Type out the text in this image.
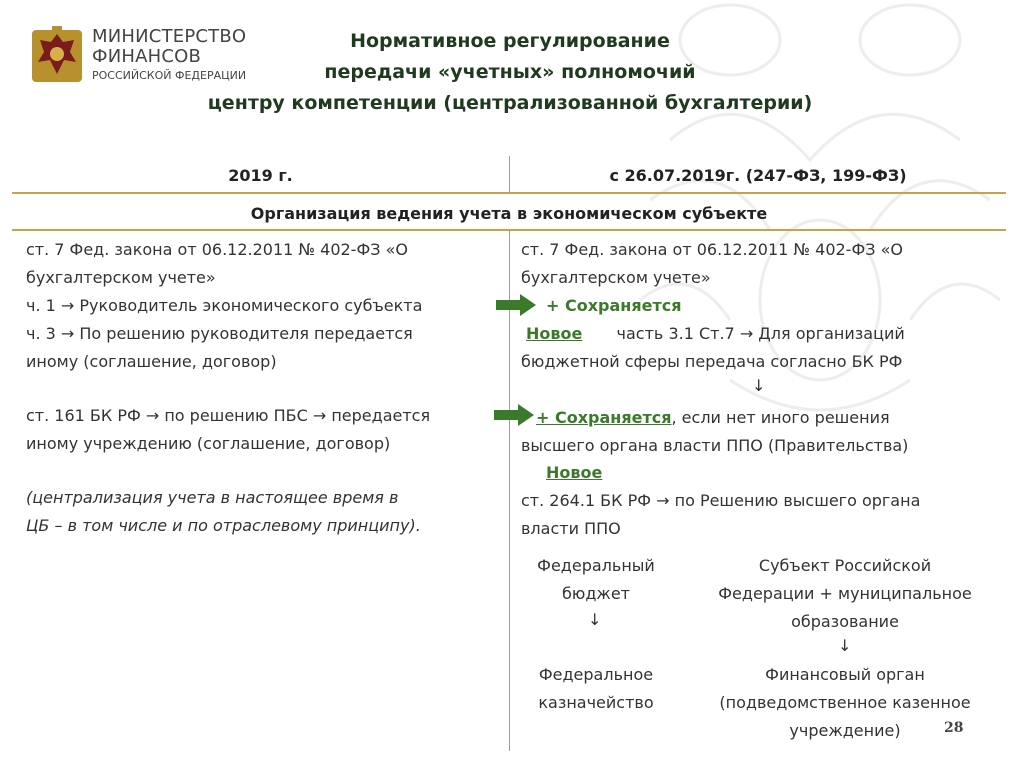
МИНИСТЕРСТВО
ФИНАНСОВ
РОССИЙСКОЙ ФЕДЕРАЦИИ
Нормативное регулирование
передачи «учетных» полномочий
центру компетенции (централизованной бухгалтерии)
2019 г.	с 26.07.2019г. (247-ФЗ, 199-ФЗ)
Организация ведения учета в экономическом субъекте
ст. 7 Фед. закона от 06.12.2011 № 402-ФЗ «О
бухгалтерском учете»
ч. 1 → Руководитель экономического субъекта
ч. 3 → По решению руководителя передается
иному (соглашение, договор)
ст. 161 БК РФ → по решению ПБС → передается
иному учреждению (соглашение, договор)
(централизация учета в настоящее время в
ЦБ – в том числе и по отраслевому принципу).
ст. 7 Фед. закона от 06.12.2011 № 402-ФЗ «О
бухгалтерском учете»
+ Сохраняется
Новое часть 3.1 Ст.7 → Для организаций
бюджетной сферы передача согласно БК РФ
↓
+ Сохраняется, если нет иного решения
высшего органа власти ППО (Правительства)
Новое
ст. 264.1 БК РФ → по Решению высшего органа
власти ППО
Федеральный
бюджет
↓
Федеральное
казначейство
Субъект Российской
Федерации + муниципальное
образование
↓
Финансовый орган
(подведомственное казенное
учреждение)	28
